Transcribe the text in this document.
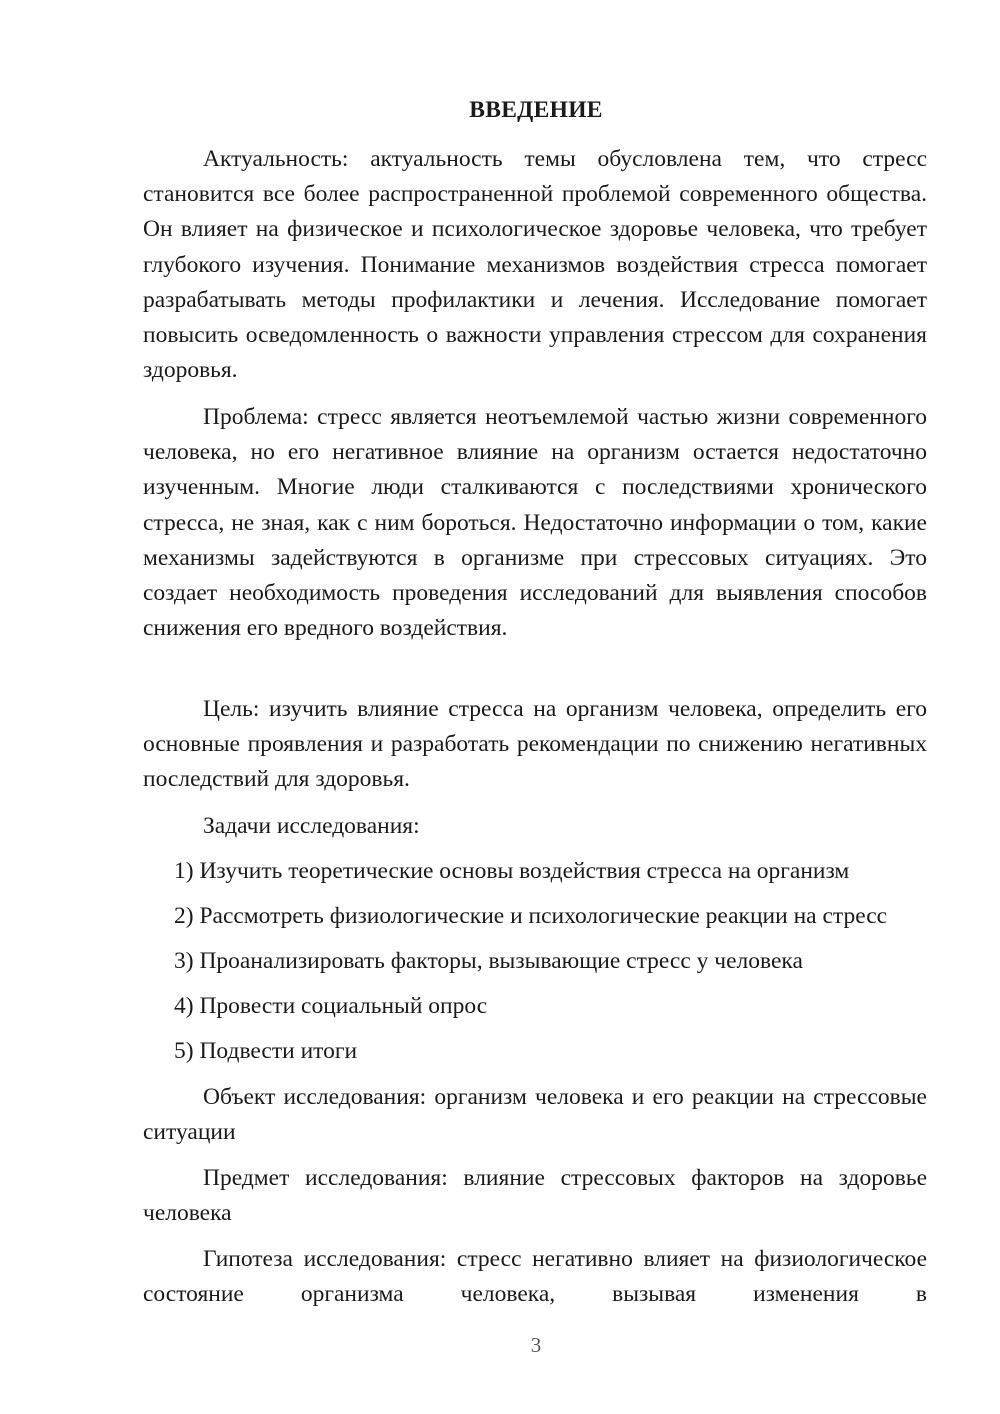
ВВЕДЕНИЕ

Актуальность: актуальность темы обусловлена тем, что стресс становится все более распространенной проблемой современного общества. Он влияет на физическое и психологическое здоровье человека, что требует глубокого изучения. Понимание механизмов воздействия стресса помогает разрабатывать методы профилактики и лечения. Исследование помогает повысить осведомленность о важности управления стрессом для сохранения здоровья.

Проблема: стресс является неотъемлемой частью жизни современного человека, но его негативное влияние на организм остается недостаточно изученным. Многие люди сталкиваются с последствиями хронического стресса, не зная, как с ним бороться. Недостаточно информации о том, какие механизмы задействуются в организме при стрессовых ситуациях. Это создает необходимость проведения исследований для выявления способов снижения его вредного воздействия.

Цель: изучить влияние стресса на организм человека, определить его основные проявления и разработать рекомендации по снижению негативных последствий для здоровья.

Задачи исследования:

1) Изучить теоретические основы воздействия стресса на организм

2) Рассмотреть физиологические и психологические реакции на стресс

3) Проанализировать факторы, вызывающие стресс у человека

4) Провести социальный опрос

5) Подвести итоги

Объект исследования: организм человека и его реакции на стрессовые ситуации

Предмет исследования: влияние стрессовых факторов на здоровье человека

Гипотеза исследования: стресс негативно влияет на физиологическое состояние организма человека, вызывая изменения в

3
